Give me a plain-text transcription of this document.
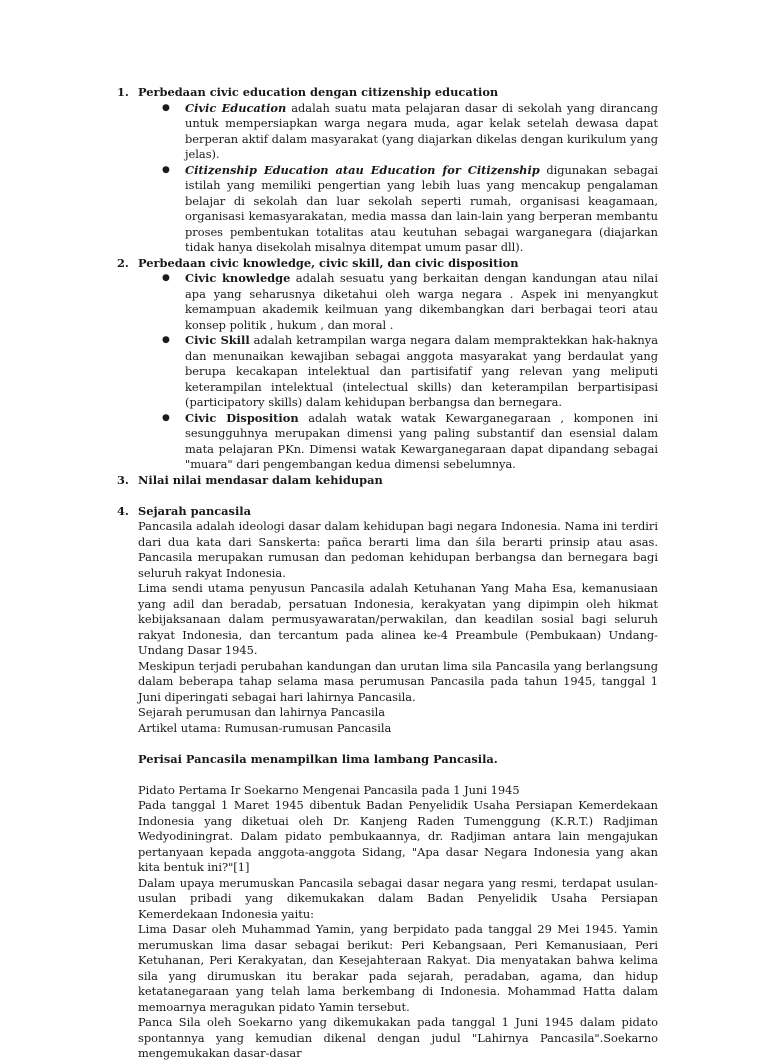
1. Perbedaan civic education dengan citizenship education
● Civic Education adalah suatu mata pelajaran dasar di sekolah yang dirancang untuk mempersiapkan warga negara muda, agar kelak setelah dewasa dapat berperan aktif dalam masyarakat (yang diajarkan dikelas dengan kurikulum yang jelas).
● Citizenship Education atau Education for Citizenship digunakan sebagai istilah yang memiliki pengertian yang lebih luas yang mencakup pengalaman belajar di sekolah dan luar sekolah seperti rumah, organisasi keagamaan, organisasi kemasyarakatan, media massa dan lain-lain yang berperan membantu proses pembentukan totalitas atau keutuhan sebagai warganegara (diajarkan tidak hanya disekolah misalnya ditempat umum pasar dll).
2. Perbedaan civic knowledge, civic skill, dan civic disposition
● Civic knowledge adalah sesuatu yang berkaitan dengan kandungan atau nilai apa yang seharusnya diketahui oleh warga negara . Aspek ini menyangkut kemampuan akademik keilmuan yang dikembangkan dari berbagai teori atau konsep politik , hukum , dan moral .
● Civic Skill adalah ketrampilan warga negara dalam mempraktekkan hak-haknya dan menunaikan kewajiban sebagai anggota masyarakat yang berdaulat yang berupa kecakapan intelektual dan partisifatif yang relevan yang meliputi keterampilan intelektual (intelectual skills) dan keterampilan berpartisipasi (participatory skills) dalam kehidupan berbangsa dan bernegara.
● Civic Disposition adalah watak watak Kewarganegaraan , komponen ini sesungguhnya merupakan dimensi yang paling substantif dan esensial dalam mata pelajaran PKn. Dimensi watak Kewarganegaraan dapat dipandang sebagai "muara" dari pengembangan kedua dimensi sebelumnya.
3. Nilai nilai mendasar dalam kehidupan
4. Sejarah pancasila

Pancasila adalah ideologi dasar dalam kehidupan bagi negara Indonesia. Nama ini terdiri dari dua kata dari Sanskerta: pañca berarti lima dan śila berarti prinsip atau asas. Pancasila merupakan rumusan dan pedoman kehidupan berbangsa dan bernegara bagi seluruh rakyat Indonesia.

Lima sendi utama penyusun Pancasila adalah Ketuhanan Yang Maha Esa, kemanusiaan yang adil dan beradab, persatuan Indonesia, kerakyatan yang dipimpin oleh hikmat kebijaksanaan dalam permusyawaratan/perwakilan, dan keadilan sosial bagi seluruh rakyat Indonesia, dan tercantum pada alinea ke-4 Preambule (Pembukaan) Undang-Undang Dasar 1945.

Meskipun terjadi perubahan kandungan dan urutan lima sila Pancasila yang berlangsung dalam beberapa tahap selama masa perumusan Pancasila pada tahun 1945, tanggal 1 Juni diperingati sebagai hari lahirnya Pancasila.

Sejarah perumusan dan lahirnya Pancasila

Artikel utama: Rumusan-rumusan Pancasila

Perisai Pancasila menampilkan lima lambang Pancasila.

Pidato Pertama Ir Soekarno Mengenai Pancasila pada 1 Juni 1945

Pada tanggal 1 Maret 1945 dibentuk Badan Penyelidik Usaha Persiapan Kemerdekaan Indonesia yang diketuai oleh Dr. Kanjeng Raden Tumenggung (K.R.T.) Radjiman Wedyodiningrat. Dalam pidato pembukaannya, dr. Radjiman antara lain mengajukan pertanyaan kepada anggota-anggota Sidang, "Apa dasar Negara Indonesia yang akan kita bentuk ini?"[1]

Dalam upaya merumuskan Pancasila sebagai dasar negara yang resmi, terdapat usulan-usulan pribadi yang dikemukakan dalam Badan Penyelidik Usaha Persiapan Kemerdekaan Indonesia yaitu:

Lima Dasar oleh Muhammad Yamin, yang berpidato pada tanggal 29 Mei 1945. Yamin merumuskan lima dasar sebagai berikut: Peri Kebangsaan, Peri Kemanusiaan, Peri Ketuhanan, Peri Kerakyatan, dan Kesejahteraan Rakyat. Dia menyatakan bahwa kelima sila yang dirumuskan itu berakar pada sejarah, peradaban, agama, dan hidup ketatanegaraan yang telah lama berkembang di Indonesia. Mohammad Hatta dalam memoarnya meragukan pidato Yamin tersebut.

Panca Sila oleh Soekarno yang dikemukakan pada tanggal 1 Juni 1945 dalam pidato spontannya yang kemudian dikenal dengan judul "Lahirnya Pancasila".Soekarno mengemukakan dasar-dasar
